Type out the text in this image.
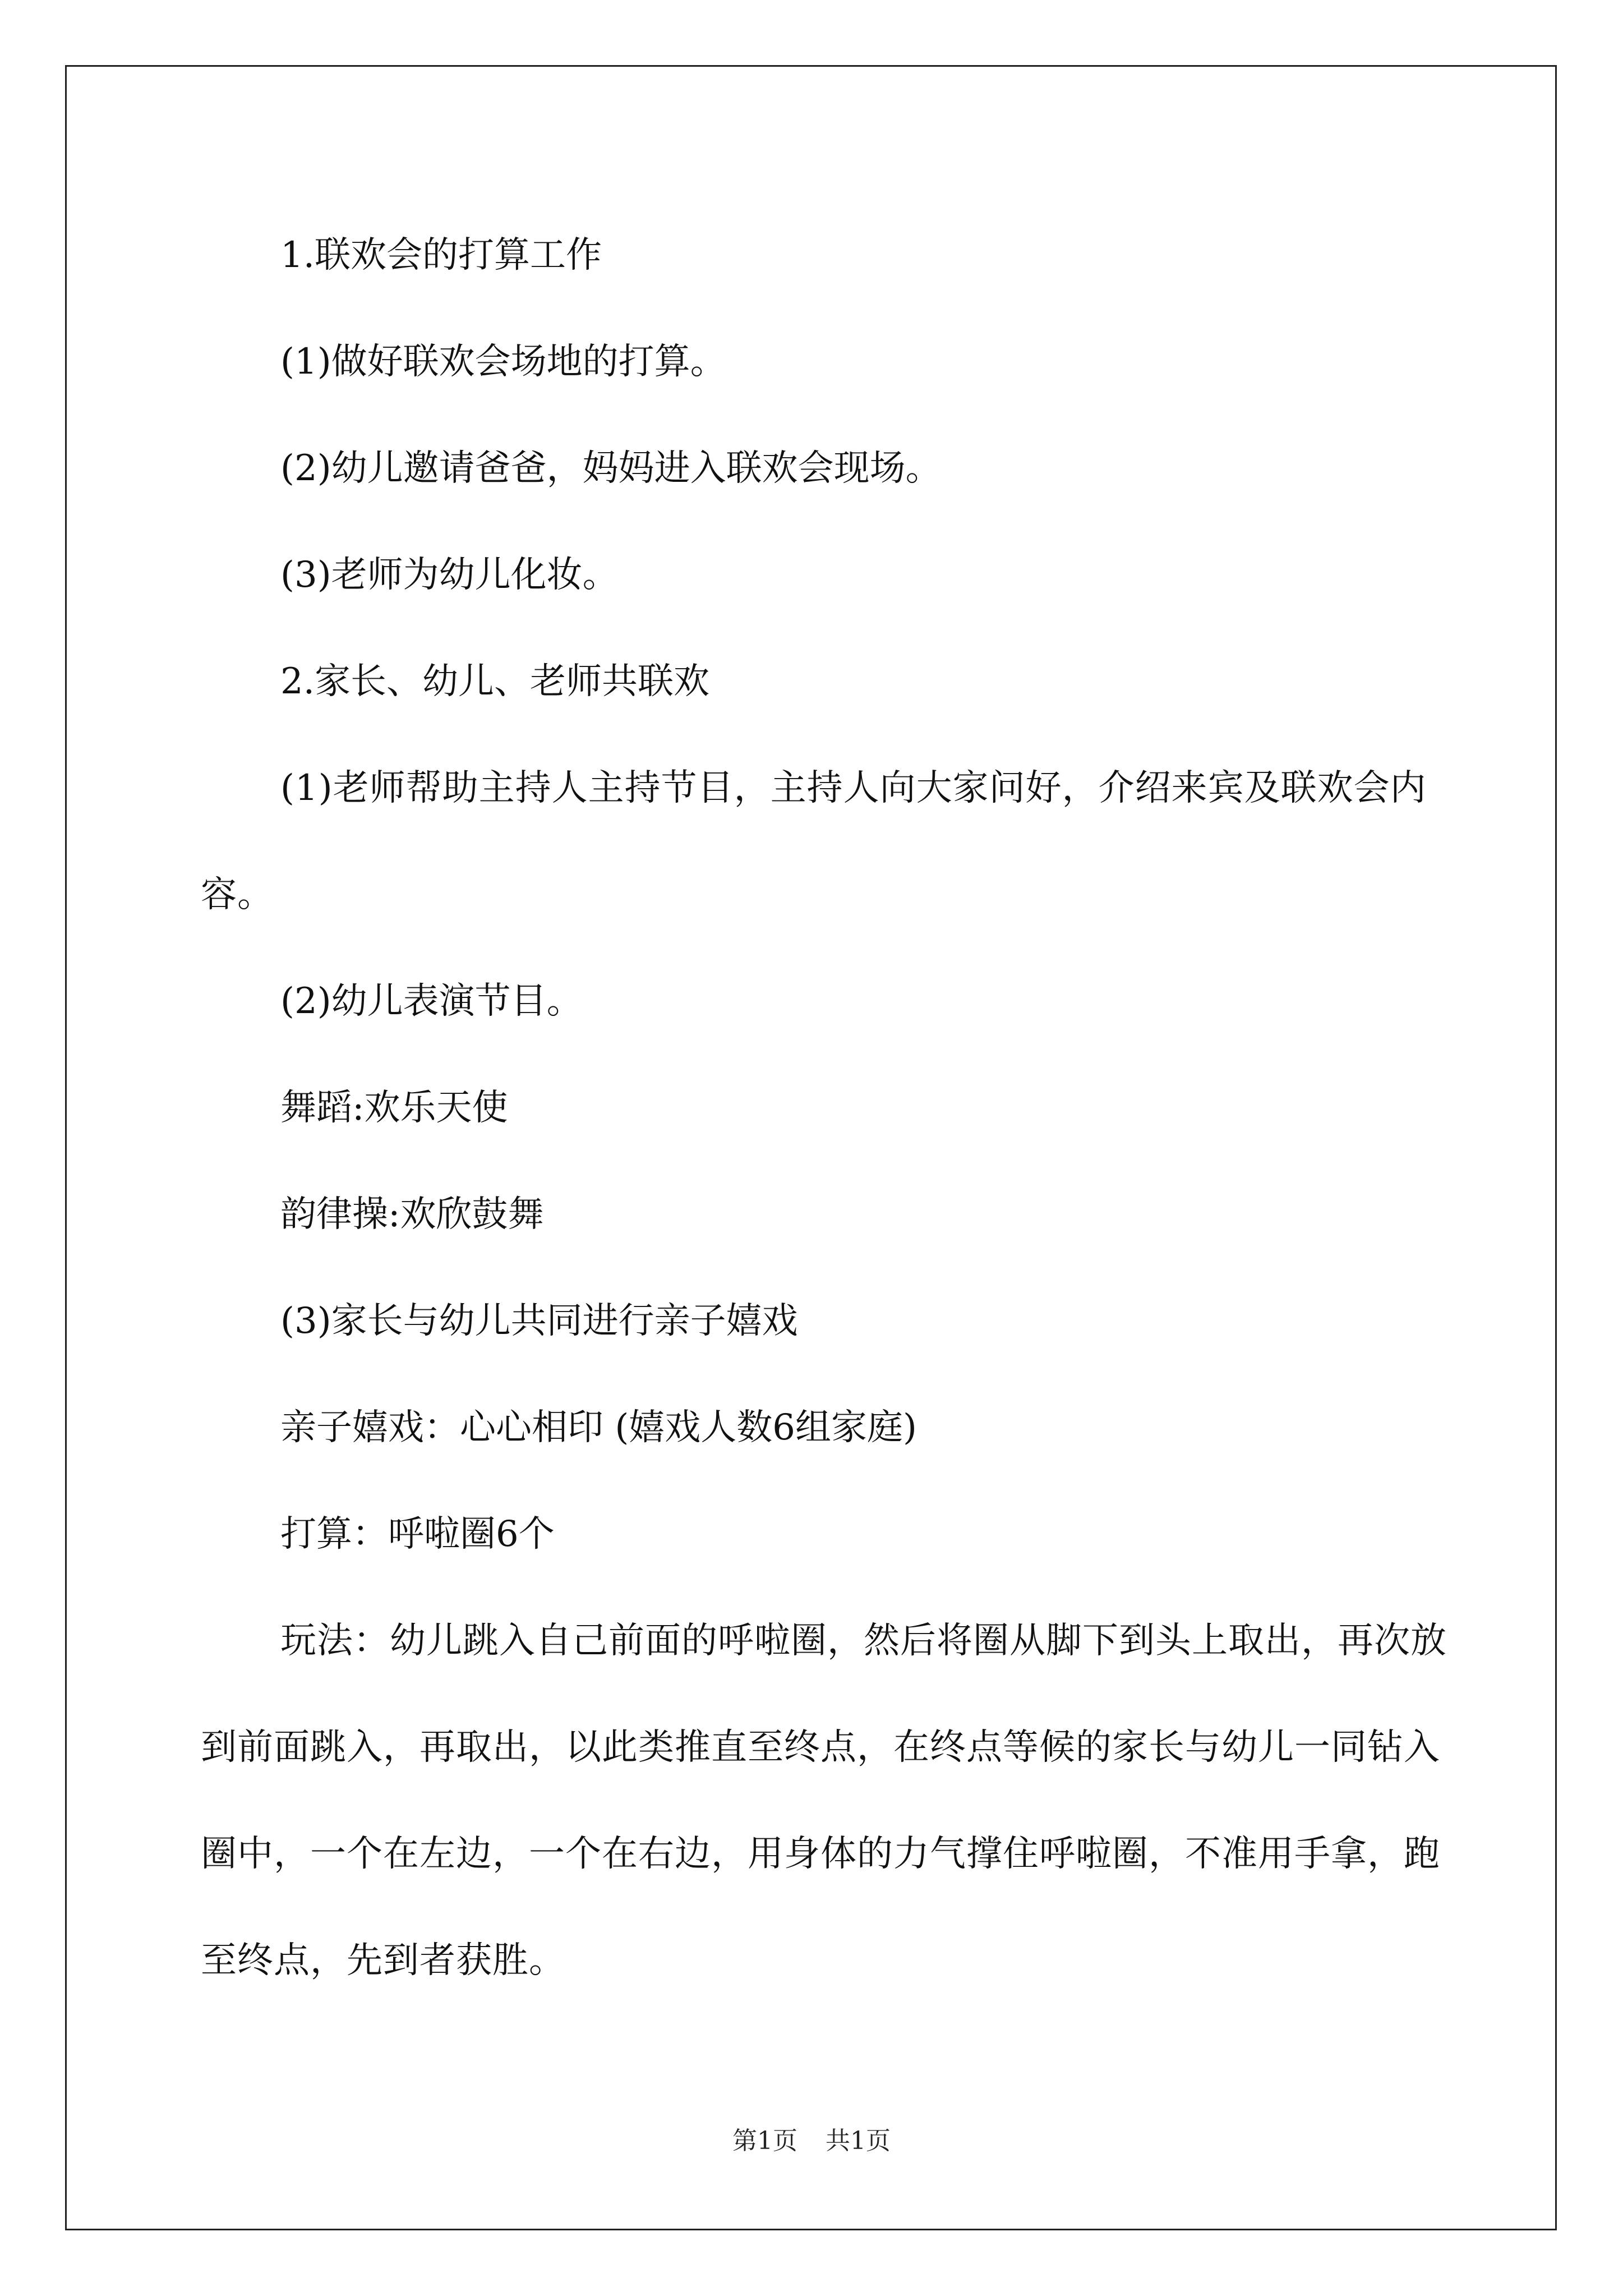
1.联欢会的打算工作

(1)做好联欢会场地的打算。

(2)幼儿邀请爸爸，妈妈进入联欢会现场。

(3)老师为幼儿化妆。

2.家长、幼儿、老师共联欢

(1)老师帮助主持人主持节目，主持人向大家问好，介绍来宾及联欢会内容。

(2)幼儿表演节目。

舞蹈:欢乐天使

韵律操:欢欣鼓舞

(3)家长与幼儿共同进行亲子嬉戏

亲子嬉戏：心心相印 (嬉戏人数6组家庭)

打算：呼啦圈6个

玩法：幼儿跳入自己前面的呼啦圈，然后将圈从脚下到头上取出，再次放到前面跳入，再取出，以此类推直至终点，在终点等候的家长与幼儿一同钻入圈中，一个在左边，一个在右边，用身体的力气撑住呼啦圈，不准用手拿，跑至终点，先到者获胜。

第1页 共1页
